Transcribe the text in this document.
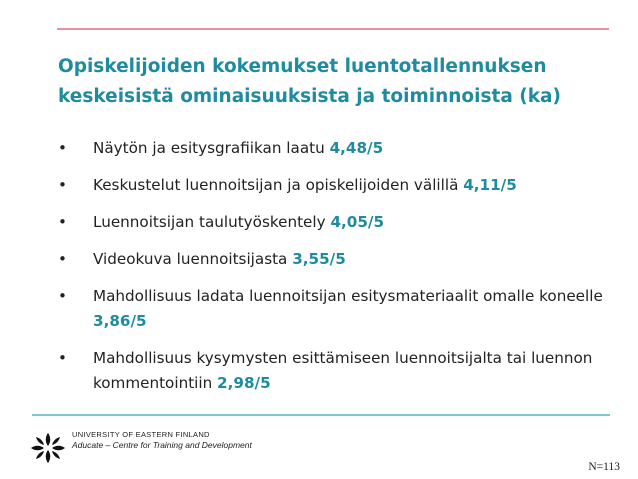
Opiskelijoiden kokemukset luentotallennuksen
keskeisistä ominaisuuksista ja toiminnoista (ka)
• Näytön ja esitysgrafiikan laatu 4,48/5
• Keskustelut luennoitsijan ja opiskelijoiden välillä 4,11/5
• Luennoitsijan taulutyöskentely 4,05/5
• Videokuva luennoitsijasta 3,55/5
• Mahdollisuus ladata luennoitsijan esitysmateriaalit omalle koneelle 3,86/5
• Mahdollisuus kysymysten esittämiseen luennoitsijalta tai luennon kommentointiin 2,98/5
UNIVERSITY OF EASTERN FINLAND
Aducate – Centre for Training and Development
N=113
